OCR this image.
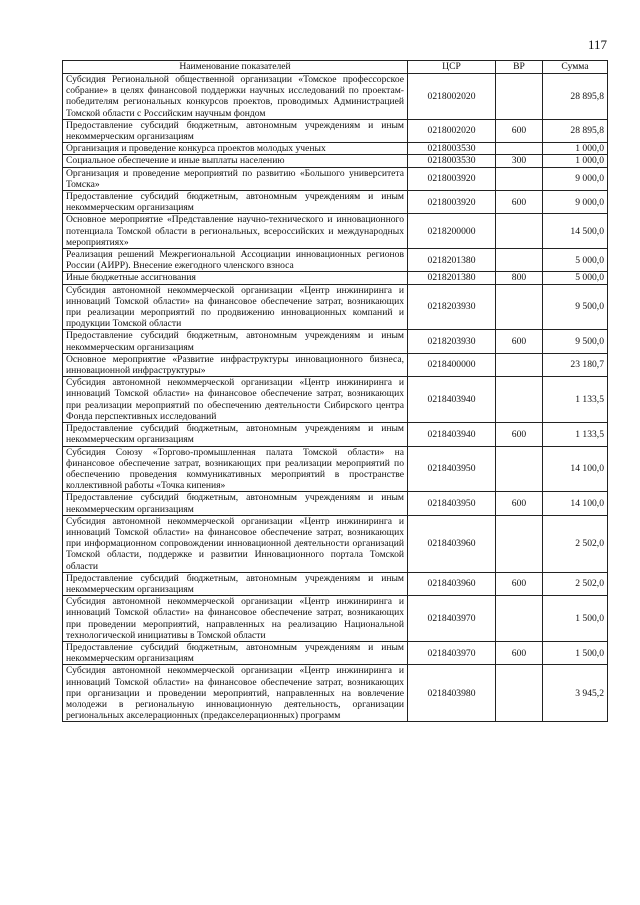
117
Наименование показателей	ЦСР	ВР	Сумма
Субсидия Региональной общественной организации «Томское профессорское собрание» в целях финансовой поддержки научных исследований по проектам-победителям региональных конкурсов проектов, проводимых Администрацией Томской области с Российским научным фондом	0218002020		28 895,8
Предоставление субсидий бюджетным, автономным учреждениям и иным некоммерческим организациям	0218002020	600	28 895,8
Организация и проведение конкурса проектов молодых ученых	0218003530		1 000,0
Социальное обеспечение и иные выплаты населению	0218003530	300	1 000,0
Организация и проведение мероприятий по развитию «Большого университета Томска»	0218003920		9 000,0
Предоставление субсидий бюджетным, автономным учреждениям и иным некоммерческим организациям	0218003920	600	9 000,0
Основное мероприятие «Представление научно-технического и инновационного потенциала Томской области в региональных, всероссийских и международных мероприятиях»	0218200000		14 500,0
Реализация решений Межрегиональной Ассоциации инновационных регионов России (АИРР). Внесение ежегодного членского взноса	0218201380		5 000,0
Иные бюджетные ассигнования	0218201380	800	5 000,0
Субсидия автономной некоммерческой организации «Центр инжиниринга и инноваций Томской области» на финансовое обеспечение затрат, возникающих при реализации мероприятий по продвижению инновационных компаний и продукции Томской области	0218203930		9 500,0
Предоставление субсидий бюджетным, автономным учреждениям и иным некоммерческим организациям	0218203930	600	9 500,0
Основное мероприятие «Развитие инфраструктуры инновационного бизнеса, инновационной инфраструктуры»	0218400000		23 180,7
Субсидия автономной некоммерческой организации «Центр инжиниринга и инноваций Томской области» на финансовое обеспечение затрат, возникающих при реализации мероприятий по обеспечению деятельности Сибирского центра Фонда перспективных исследований	0218403940		1 133,5
Предоставление субсидий бюджетным, автономным учреждениям и иным некоммерческим организациям	0218403940	600	1 133,5
Субсидия Союзу «Торгово-промышленная палата Томской области» на финансовое обеспечение затрат, возникающих при реализации мероприятий по обеспечению проведения коммуникативных мероприятий в пространстве коллективной работы «Точка кипения»	0218403950		14 100,0
Предоставление субсидий бюджетным, автономным учреждениям и иным некоммерческим организациям	0218403950	600	14 100,0
Субсидия автономной некоммерческой организации «Центр инжиниринга и инноваций Томской области» на финансовое обеспечение затрат, возникающих при информационном сопровождении инновационной деятельности организаций Томской области, поддержке и развитии Инновационного портала Томской области	0218403960		2 502,0
Предоставление субсидий бюджетным, автономным учреждениям и иным некоммерческим организациям	0218403960	600	2 502,0
Субсидия автономной некоммерческой организации «Центр инжиниринга и инноваций Томской области» на финансовое обеспечение затрат, возникающих при проведении мероприятий, направленных на реализацию Национальной технологической инициативы в Томской области	0218403970		1 500,0
Предоставление субсидий бюджетным, автономным учреждениям и иным некоммерческим организациям	0218403970	600	1 500,0
Субсидия автономной некоммерческой организации «Центр инжиниринга и инноваций Томской области» на финансовое обеспечение затрат, возникающих при организации и проведении мероприятий, направленных на вовлечение молодежи в региональную инновационную деятельность, организации региональных акселерационных (предакселерационных) программ	0218403980		3 945,2
